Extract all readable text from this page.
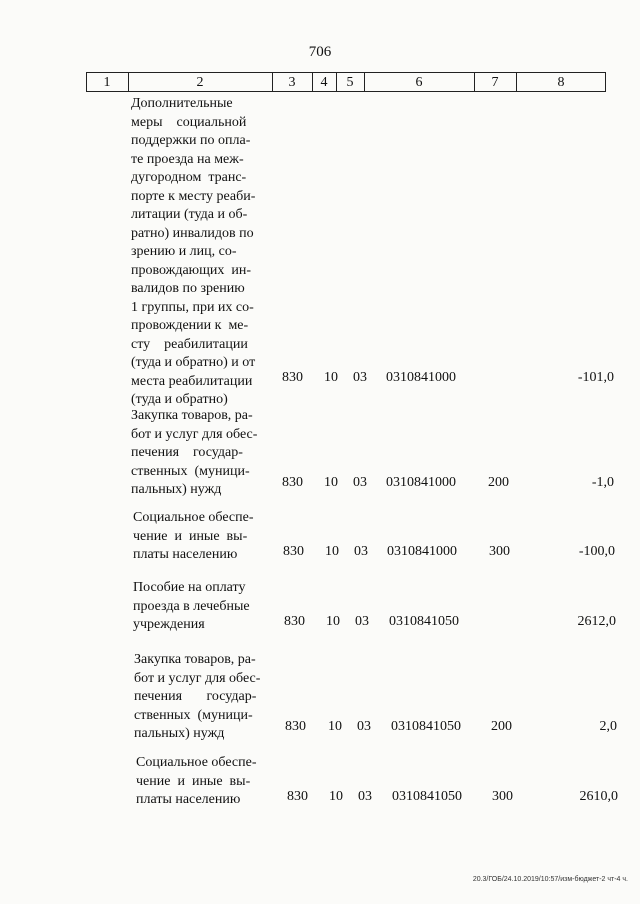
706
1	2	3	4	5	6	7	8
Дополнительные
меры    социальной
поддержки по опла-
те проезда на меж-
дугородном  транс-
порте к месту реаби-
литации (туда и об-
ратно) инвалидов по
зрению и лиц, со-
провождающих  ин-
валидов по зрению
1 группы, при их со-
провождении к  ме-
сту    реабилитации
(туда и обратно) и от
места реабилитации
(туда и обратно)
830 10 03 0310841000	-101,0
Закупка товаров, ра-
бот и услуг для обес-
печения    государ-
ственных  (муници-
пальных) нужд	830 10 03 0310841000 200	-1,0
Социальное обеспе-
чение  и  иные  вы-
платы населению	830 10 03 0310841000 300	-100,0
Пособие на оплату
проезда в лечебные
учреждения	830 10 03 0310841050	2612,0
Закупка товаров, ра-
бот и услуг для обес-
печения       государ-
ственных  (муници-
пальных) нужд	830 10 03 0310841050 200	2,0
Социальное обеспе-
чение  и  иные  вы-
платы населению	830 10 03 0310841050 300	2610,0
20.3/ГОБ/24.10.2019/10:57/изм-бюджет-2 чт-4 ч.
